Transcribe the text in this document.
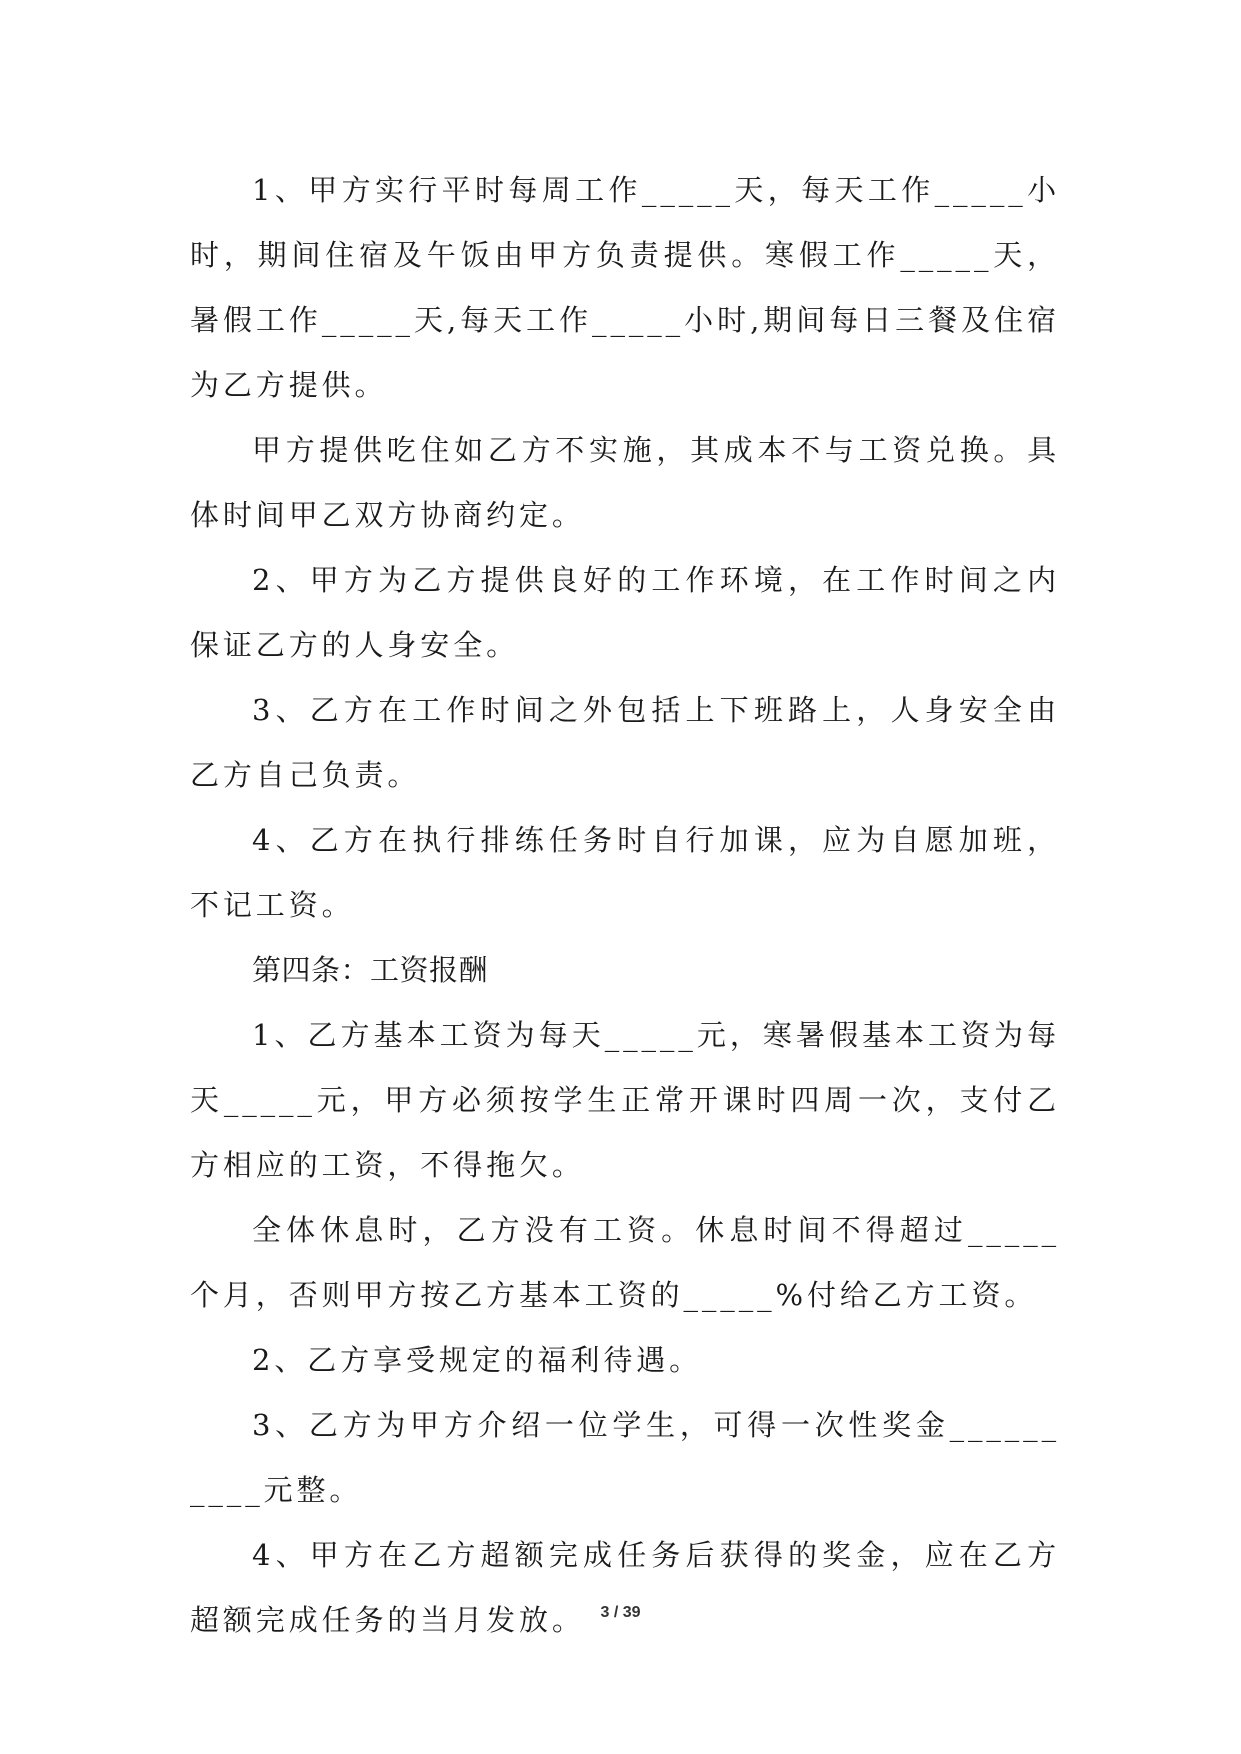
1、甲方实行平时每周工作_____天，每天工作_____小时，期间住宿及午饭由甲方负责提供。寒假工作_____天，暑假工作_____天,每天工作_____小时,期间每日三餐及住宿为乙方提供。

甲方提供吃住如乙方不实施，其成本不与工资兑换。具体时间甲乙双方协商约定。

2、甲方为乙方提供良好的工作环境，在工作时间之内保证乙方的人身安全。

3、乙方在工作时间之外包括上下班路上，人身安全由乙方自己负责。

4、乙方在执行排练任务时自行加课，应为自愿加班，不记工资。

第四条：工资报酬

1、乙方基本工资为每天_____元，寒暑假基本工资为每天_____元，甲方必须按学生正常开课时四周一次，支付乙方相应的工资，不得拖欠。

全体休息时，乙方没有工资。休息时间不得超过_____个月，否则甲方按乙方基本工资的_____%付给乙方工资。

2、乙方享受规定的福利待遇。

3、乙方为甲方介绍一位学生，可得一次性奖金__________元整。

4、甲方在乙方超额完成任务后获得的奖金，应在乙方超额完成任务的当月发放。 3 / 39
